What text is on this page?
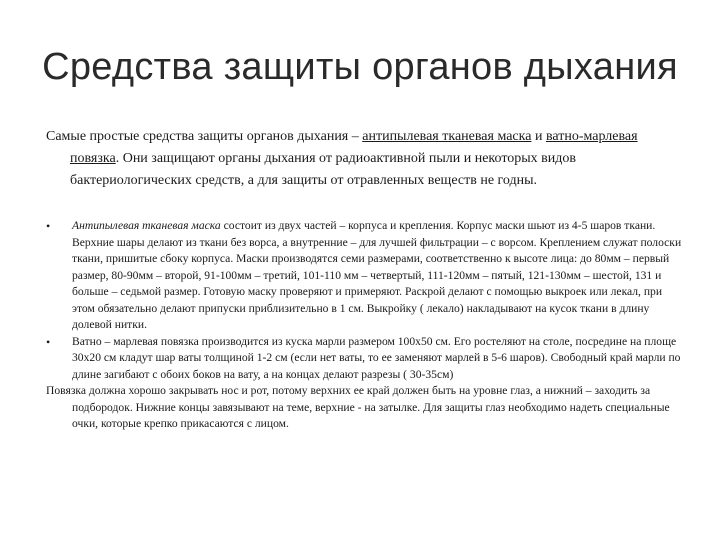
Средства защиты органов дыхания

Самые простые средства защиты органов дыхания – антипылевая тканевая маска и ватно-марлевая повязка. Они защищают органы дыхания от радиоактивной пыли и некоторых видов бактериологических средств, а для защиты от отравленных веществ не годны.

• Антипылевая тканевая маска состоит из двух частей – корпуса и крепления. Корпус маски шьют из 4-5 шаров ткани. Верхние шары делают из ткани без ворса, а внутренние – для лучшей фильтрации – с ворсом. Креплением служат полоски ткани, пришитые сбоку корпуса. Маски производятся семи размерами, соответственно к высоте лица: до 80мм – первый размер, 80-90мм – второй, 91-100мм – третий, 101-110 мм – четвертый, 111-120мм – пятый, 121-130мм – шестой, 131 и больше – седьмой размер. Готовую маску проверяют и примеряют. Раскрой делают с помощью выкроек или лекал, при этом обязательно делают припуски приблизительно в 1 см. Выкройку ( лекало) накладывают на кусок ткани в длину долевой нитки.

• Ватно – марлевая повязка производится из куска марли размером 100х50 см. Его ростеляют на столе, посредине на площе 30х20 см кладут шар ваты толщиной 1-2 см (если нет ваты, то ее заменяют марлей в 5-6 шаров). Свободный край марли по длине загибают с обоих боков на вату, а на концах делают разрезы ( 30-35см)

Повязка должна хорошо закрывать нос и рот, потому верхних ее край должен быть на уровне глаз, а нижний – заходить за подбородок. Нижние концы завязывают на теме, верхние - на затылке. Для защиты глаз необходимо надеть специальные очки, которые крепко прикасаются с лицом.
